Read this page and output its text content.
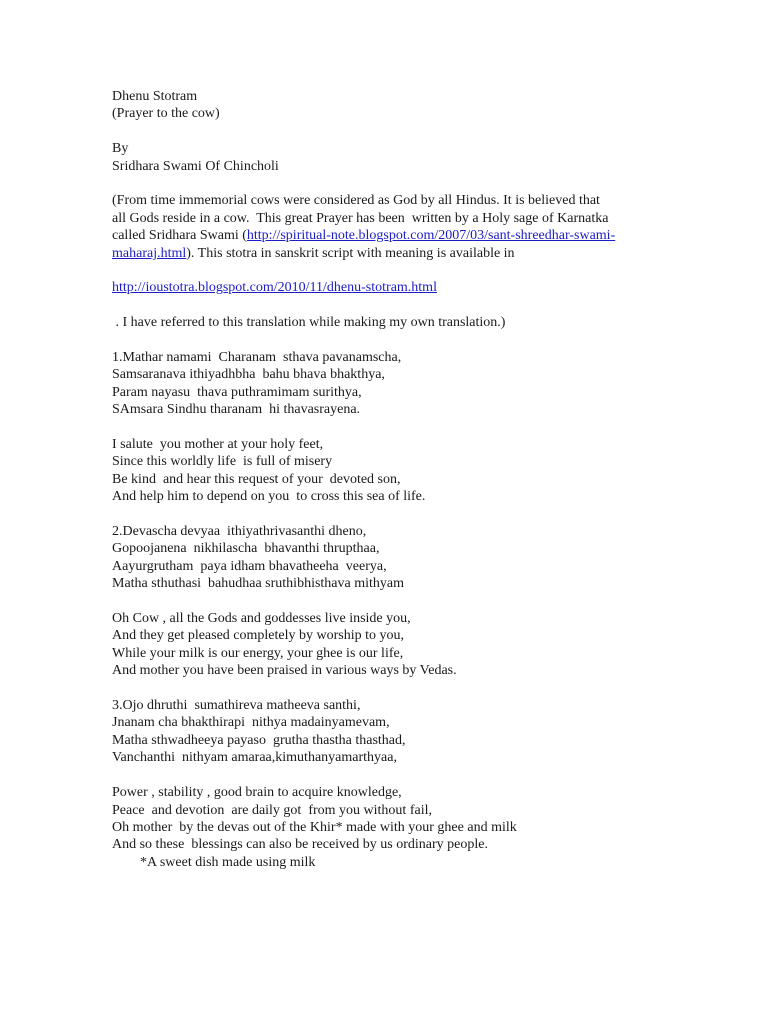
Dhenu Stotram
(Prayer to the cow)
By
Sridhara Swami Of Chincholi
(From time immemorial cows were considered as God by all Hindus. It is believed that
all Gods reside in a cow.  This great Prayer has been  written by a Holy sage of Karnatka
called Sridhara Swami (http://spiritual-note.blogspot.com/2007/03/sant-shreedhar-swami-
maharaj.html). This stotra in sanskrit script with meaning is available in
http://ioustotra.blogspot.com/2010/11/dhenu-stotram.html
. I have referred to this translation while making my own translation.)
1.Mathar namami  Charanam  sthava pavanamscha,
Samsaranava ithiyadhbha  bahu bhava bhakthya,
Param nayasu  thava puthramimam surithya,
SAmsara Sindhu tharanam  hi thavasrayena.
I salute  you mother at your holy feet,
Since this worldly life  is full of misery
Be kind  and hear this request of your  devoted son,
And help him to depend on you  to cross this sea of life.
2.Devascha devyaa  ithiyathrivasanthi dheno,
Gopoojanena  nikhilascha  bhavanthi thrupthaa,
Aayurgrutham  paya idham bhavatheeha  veerya,
Matha sthuthasi  bahudhaa sruthibhisthava mithyam
Oh Cow , all the Gods and goddesses live inside you,
And they get pleased completely by worship to you,
While your milk is our energy, your ghee is our life,
And mother you have been praised in various ways by Vedas.
3.Ojo dhruthi  sumathireva matheeva santhi,
Jnanam cha bhakthirapi  nithya madainyamevam,
Matha sthwadheeya payaso  grutha thastha thasthad,
Vanchanthi  nithyam amaraa,kimuthanyamarthyaa,
Power , stability , good brain to acquire knowledge,
Peace  and devotion  are daily got  from you without fail,
Oh mother  by the devas out of the Khir* made with your ghee and milk
And so these  blessings can also be received by us ordinary people.
*A sweet dish made using milk
